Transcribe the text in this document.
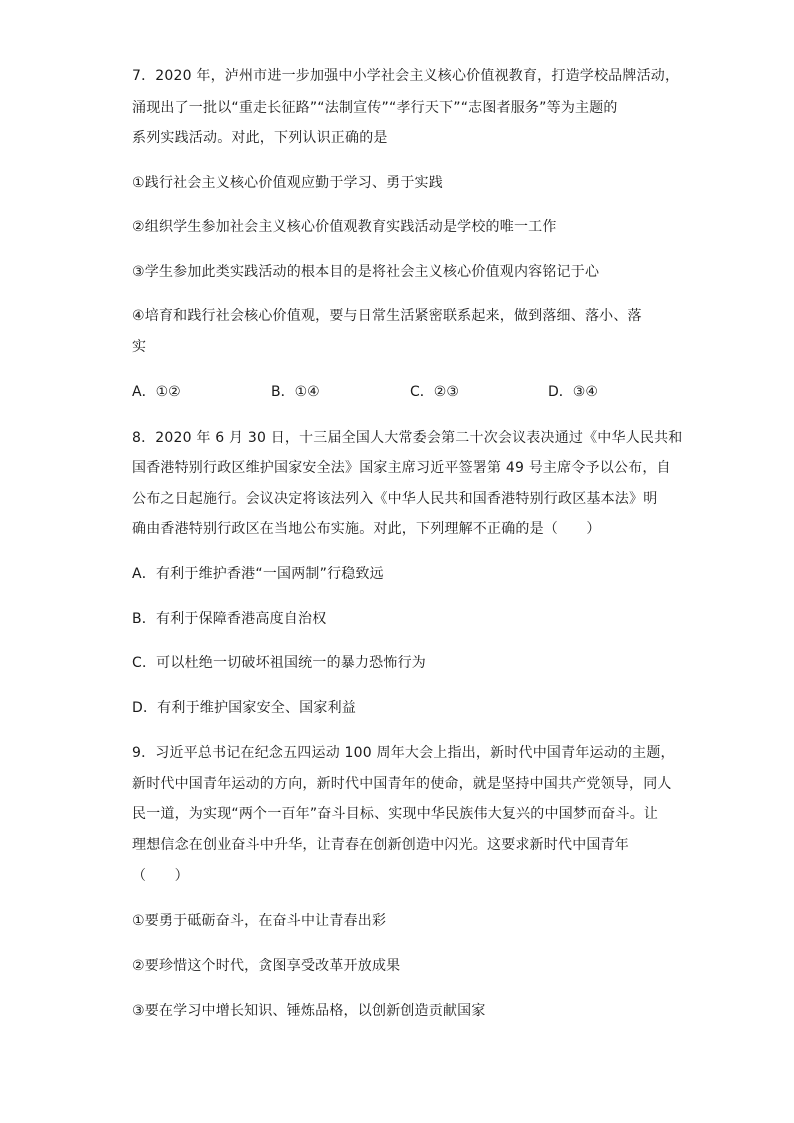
7．2020 年，泸州市进一步加强中小学社会主义核心价值视教育，打造学校品牌活动，
涌现出了一批以“重走长征路”“法制宣传”“孝行天下”“志图者服务”等为主题的
系列实践活动。对此，下列认识正确的是
①践行社会主义核心价值观应勤于学习、勇于实践
②组织学生参加社会主义核心价值观教育实践活动是学校的唯一工作
③学生参加此类实践活动的根本目的是将社会主义核心价值观内容铭记于心
④培育和践行社会核心价值观，要与日常生活紧密联系起来，做到落细、落小、落
实
A．①②	B．①④	C．②③	D．③④
8．2020 年 6 月 30 日，十三届全国人大常委会第二十次会议表决通过《中华人民共和
国香港特别行政区维护国家安全法》国家主席习近平签署第 49 号主席令予以公布，自
公布之日起施行。会议决定将该法列入《中华人民共和国香港特别行政区基本法》明
确由香港特别行政区在当地公布实施。对此，下列理解不正确的是（　　）
A．有利于维护香港“一国两制”行稳致远
B．有利于保障香港高度自治权
C．可以杜绝一切破坏祖国统一的暴力恐怖行为
D．有利于维护国家安全、国家利益
9．习近平总书记在纪念五四运动 100 周年大会上指出，新时代中国青年运动的主题，
新时代中国青年运动的方向，新时代中国青年的使命，就是坚持中国共产党领导，同人
民一道，为实现“两个一百年”奋斗目标、实现中华民族伟大复兴的中国梦而奋斗。让
理想信念在创业奋斗中升华，让青春在创新创造中闪光。这要求新时代中国青年
（　　）
①要勇于砥砺奋斗，在奋斗中让青春出彩
②要珍惜这个时代，贪图享受改革开放成果
③要在学习中增长知识、锤炼品格，以创新创造贡献国家
